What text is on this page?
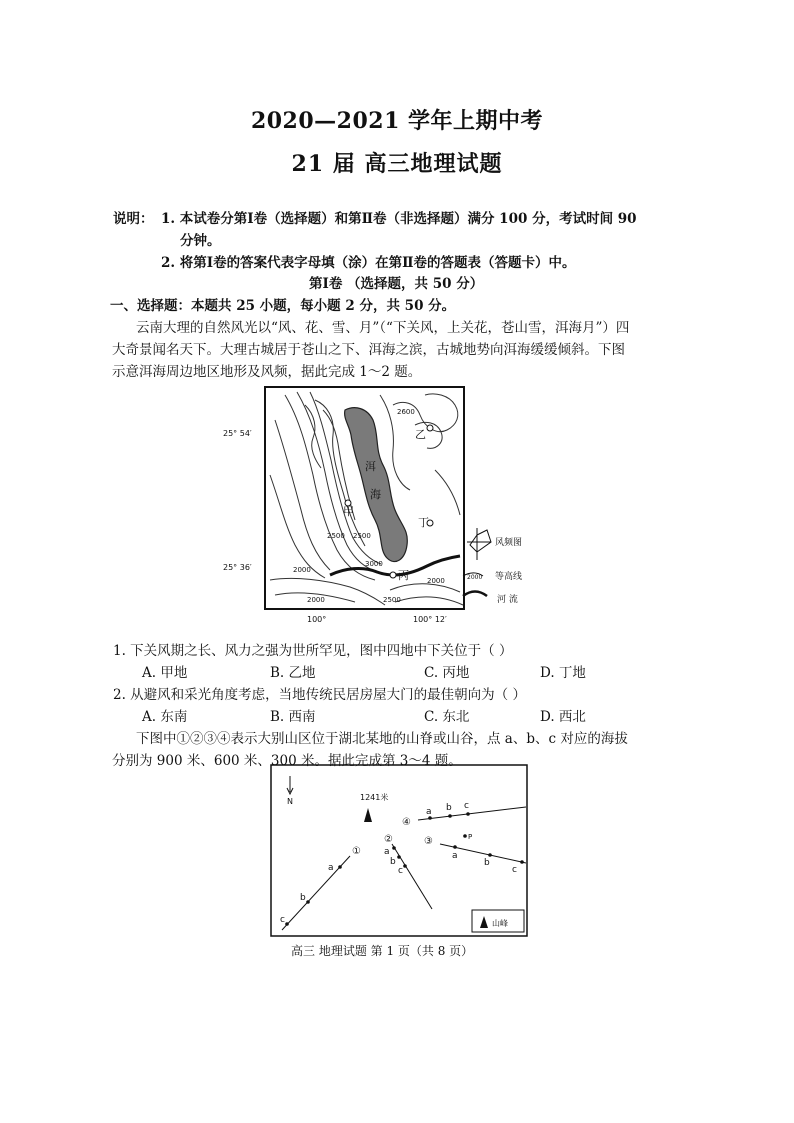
2020—2021 学年上期中考
21 届 高三地理试题
说明： 1. 本试卷分第Ⅰ卷（选择题）和第Ⅱ卷（非选择题）满分 100 分，考试时间 90
分钟。
2. 将第Ⅰ卷的答案代表字母填（涂）在第Ⅱ卷的答题表（答题卡）中。
第Ⅰ卷 （选择题，共 50 分）
一、选择题：本题共 25 小题，每小题 2 分，共 50 分。
云南大理的自然风光以“风、花、雪、月”（“下关风，上关花，苍山雪，洱海月”）四
大奇景闻名天下。大理古城居于苍山之下、洱海之滨，古城地势向洱海缓缓倾斜。下图
示意洱海周边地区地形及风频，据此完成 1～2 题。
洱
海
甲
丙
乙
丁
2600
2500
3000
2000
2000
2000
2500
2500
25° 54′
25° 36′
100°	100° 12′
风频图
2000 等高线
河 流
1. 下关风期之长、风力之强为世所罕见，图中四地中下关位于（ ）
A. 甲地	B. 乙地	C. 丙地	D. 丁地
2. 从避风和采光角度考虑，当地传统民居房屋大门的最佳朝向为（ ）
A. 东南	B. 西南	C. 东北	D. 西北
下图中①②③④表示大别山区位于湖北某地的山脊或山谷，点 a、b、c 对应的海拔
分别为 900 米、600 米、300 米。据此完成第 3～4 题。
N	1241米
①
a
b
c
②
a
b
c
③
a
b
c
P
④
a b c
山峰
高三 地理试题 第 1 页（共 8 页）
